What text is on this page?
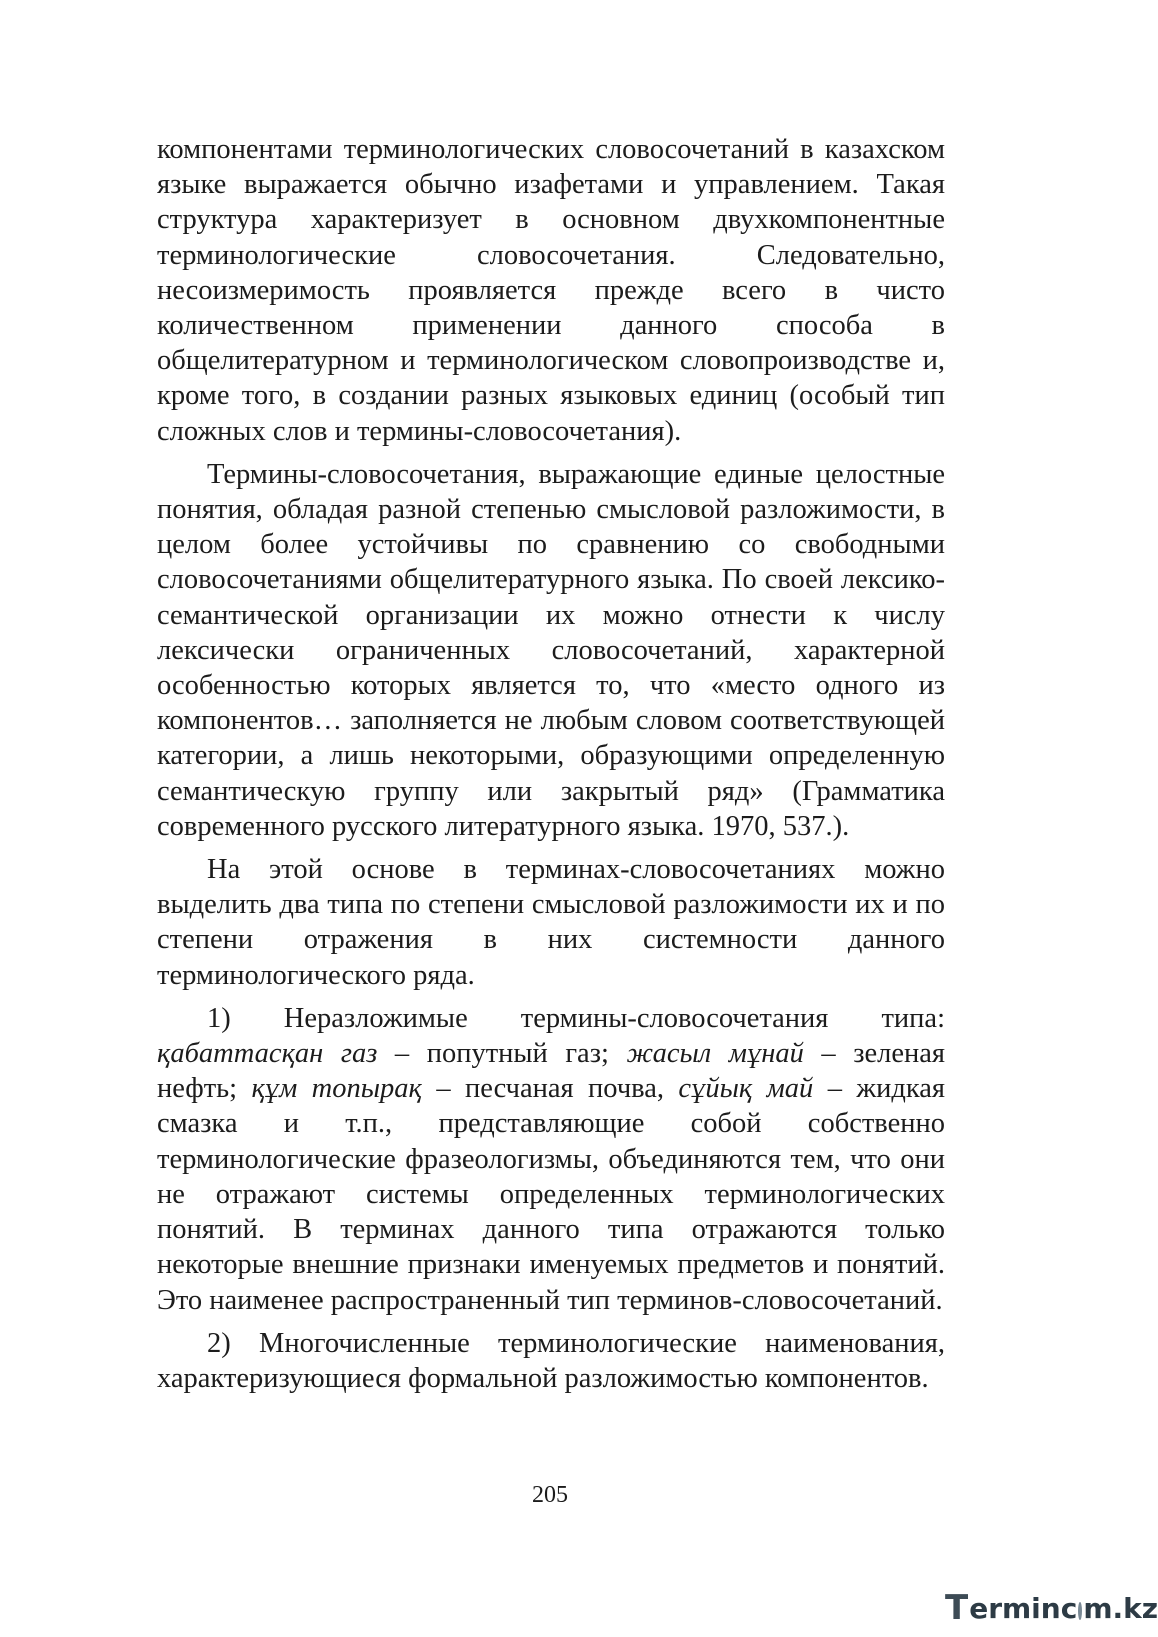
компонентами терминологических словосочетаний в казахском языке выражается обычно изафетами и управлением. Такая структура характеризует в основном двухкомпонентные терминологические словосочетания. Следовательно, несоизмеримость проявляется прежде всего в чисто количественном применении данного способа в общелитературном и терминологическом словопроизводстве и, кроме того, в создании разных языковых единиц (особый тип сложных слов и термины-словосочетания).

Термины-словосочетания, выражающие единые целостные понятия, обладая разной степенью смысловой разложимости, в целом более устойчивы по сравнению со свободными словосочетаниями общелитературного языка. По своей лексико-семантической организации их можно отнести к числу лексически ограниченных словосочетаний, характерной особенностью которых является то, что «место одного из компонентов… заполняется не любым словом соответствующей категории, а лишь некоторыми, образующими определенную семантическую группу или закрытый ряд» (Грамматика современного русского литературного языка. 1970, 537.).

На этой основе в терминах-словосочетаниях можно выделить два типа по степени смысловой разложимости их и по степени отражения в них системности данного терминологического ряда.

1) Неразложимые термины-словосочетания типа: қабаттасқан газ – попутный газ; жасыл мұнай – зеленая нефть; құм топырақ – песчаная почва, сұйық май – жидкая смазка и т.п., представляющие собой собственно терминологические фразеологизмы, объединяются тем, что они не отражают системы определенных терминологических понятий. В терминах данного типа отражаются только некоторые внешние признаки именуемых предметов и понятий. Это наименее распространенный тип терминов-словосочетаний.

2) Многочисленные терминологические наименования, характеризующиеся формальной разложимостью компонентов.

205
T erminc m.kz
